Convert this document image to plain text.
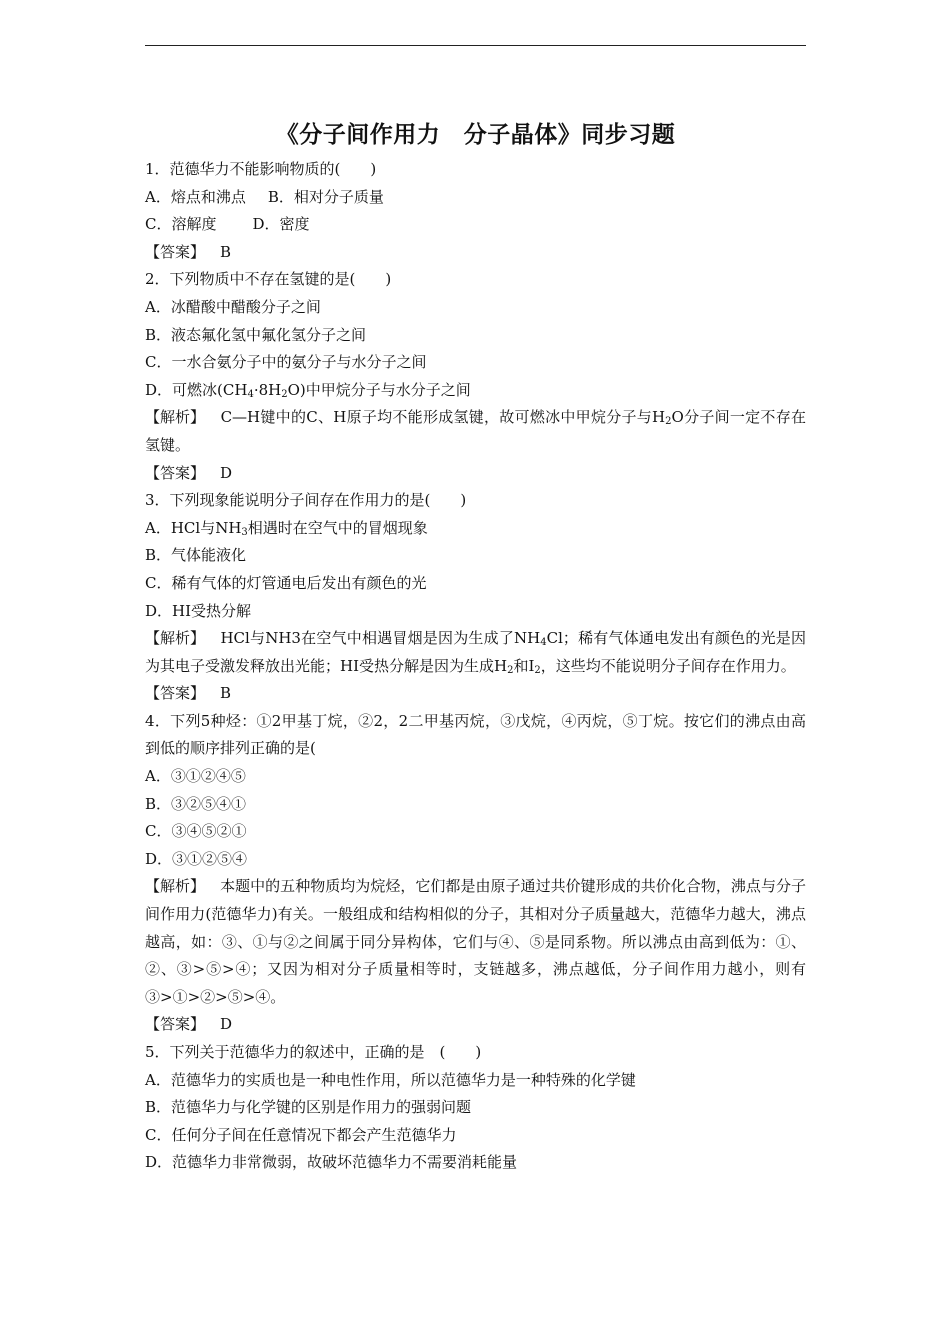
《分子间作用力　分子晶体》同步习题
1．范德华力不能影响物质的(　　)
A．熔点和沸点 B．相对分子质量
C．溶解度 D．密度
【答案】　 B
2．下列物质中不存在氢键的是(　　)
A．冰醋酸中醋酸分子之间
B．液态氟化氢中氟化氢分子之间
C．一水合氨分子中的氨分子与水分子之间
D．可燃冰$(CH_4\cdot 8H_2O)$中甲烷分子与水分子之间
【解析】　 C—H键中的C、H原子均不能形成氢键，故可燃冰中甲烷分子与$H_2O$分子间一定不存在氢键。
【答案】　 D
3．下列现象能说明分子间存在作用力的是(　　)
A．HCl与$NH_3$相遇时在空气中的冒烟现象
B．气体能液化
C．稀有气体的灯管通电后发出有颜色的光
D．HI受热分解
【解析】　 HCl与NH3在空气中相遇冒烟是因为生成了$NH_4Cl$；稀有气体通电发出有颜色的光是因为其电子受激发释放出光能；HI受热分解是因为生成$H_2$和$I_2$，这些均不能说明分子间存在作用力。
【答案】　 B
4．下列5种烃：①2甲基丁烷，②2，2二甲基丙烷，③戊烷，④丙烷，⑤丁烷。按它们的沸点由高到低的顺序排列正确的是(
A．③①②④⑤
B．③②⑤④①
C．③④⑤②①
D．③①②⑤④
【解析】　 本题中的五种物质均为烷烃，它们都是由原子通过共价键形成的共价化合物，沸点与分子间作用力(范德华力)有关。一般组成和结构相似的分子，其相对分子质量越大，范德华力越大，沸点越高，如：③、①与②之间属于同分异构体，它们与④、⑤是同系物。所以沸点由高到低为：①、②、③>⑤>④；又因为相对分子质量相等时，支链越多，沸点越低，分子间作用力越小，则有③>①>②>⑤>④。
【答案】　 D
5．下列关于范德华力的叙述中，正确的是　(　　)
A．范德华力的实质也是一种电性作用，所以范德华力是一种特殊的化学键
B．范德华力与化学键的区别是作用力的强弱问题
C．任何分子间在任意情况下都会产生范德华力
D．范德华力非常微弱，故破坏范德华力不需要消耗能量
